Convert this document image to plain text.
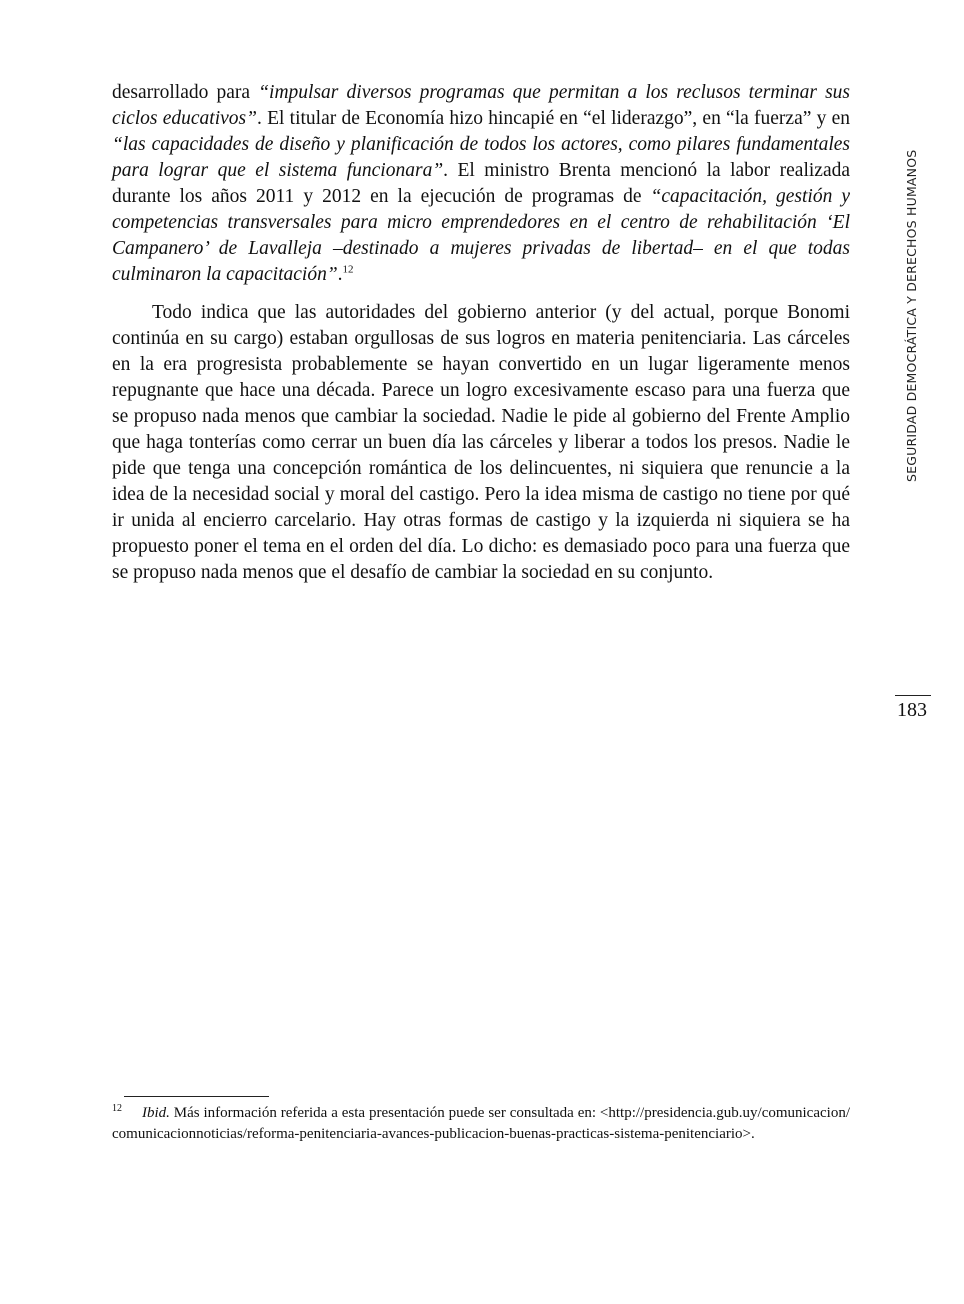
desarrollado para “impulsar diversos programas que permitan a los reclusos terminar sus ciclos educativos”. El titular de Economía hizo hincapié en “el liderazgo”, en “la fuerza” y en “las capacidades de diseño y planificación de todos los actores, como pilares fundamentales para lograr que el sistema funcionara”. El ministro Brenta mencionó la labor realizada durante los años 2011 y 2012 en la ejecución de programas de “capacitación, gestión y competencias transversales para micro emprendedores en el centro de rehabilitación ‘El Campanero’ de Lavalleja –destinado a mujeres privadas de libertad– en el que todas culminaron la capacitación”.$^{12}$

Todo indica que las autoridades del gobierno anterior (y del actual, porque Bonomi continúa en su cargo) estaban orgullosas de sus logros en materia penitenciaria. Las cárceles en la era progresista probablemente se hayan convertido en un lugar ligeramente menos repugnante que hace una década. Parece un logro excesivamente escaso para una fuerza que se propuso nada menos que cambiar la sociedad. Nadie le pide al gobierno del Frente Amplio que haga tonterías como cerrar un buen día las cárceles y liberar a todos los presos. Nadie le pide que tenga una concepción romántica de los delincuentes, ni siquiera que renuncie a la idea de la necesidad social y moral del castigo. Pero la idea misma de castigo no tiene por qué ir unida al encierro carcelario. Hay otras formas de castigo y la izquierda ni siquiera se ha propuesto poner el tema en el orden del día. Lo dicho: es demasiado poco para una fuerza que se propuso nada menos que el desafío de cambiar la sociedad en su conjunto.

SEGURIDAD DEMOCRÁTICA Y DERECHOS HUMANOS
183
12 Ibid. Más información referida a esta presentación puede ser consultada en: <http://presidencia.gub.uy/comunicacion/comunicacionnoticias/reforma-penitenciaria-avances-publicacion-buenas-practicas-sistema-penitenciario>.
